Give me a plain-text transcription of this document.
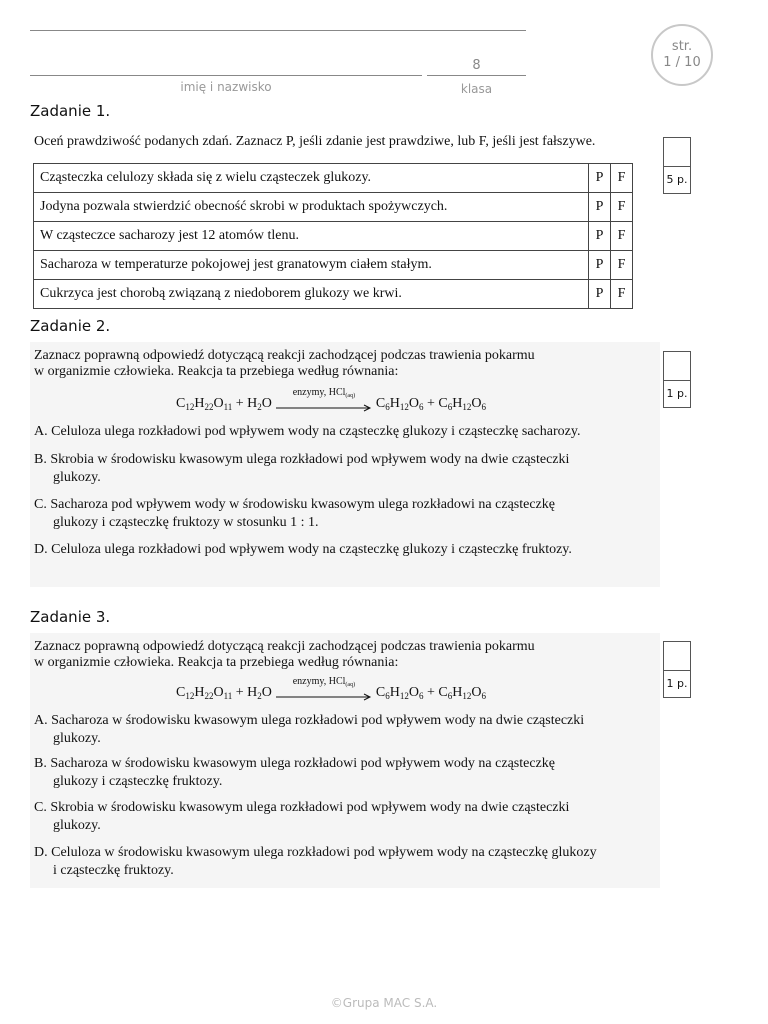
8
imię i nazwisko	klasa
str.
1 / 10
Zadanie 1.
Oceń prawdziwość podanych zdań. Zaznacz P, jeśli zdanie jest prawdziwe, lub F, jeśli jest fałszywe.
5 p.
Cząsteczka celulozy składa się z wielu cząsteczek glukozy.	P	F
Jodyna pozwala stwierdzić obecność skrobi w produktach spożywczych.	P	F
W cząsteczce sacharozy jest 12 atomów tlenu.	P	F
Sacharoza w temperaturze pokojowej jest granatowym ciałem stałym.	P	F
Cukrzyca jest chorobą związaną z niedoborem glukozy we krwi.	P	F
Zadanie 2.
Zaznacz poprawną odpowiedź dotyczącą reakcji zachodzącej podczas trawienia pokarmu
w organizmie człowieka. Reakcja ta przebiega według równania:
1 p.
$C_{12}H_{22}O_{11} + H_2O$
enzymy, HCl$_{(aq)}$
$C_6H_{12}O_6 + C_6H_{12}O_6$
A. Celuloza ulega rozkładowi pod wpływem wody na cząsteczkę glukozy i cząsteczkę sacharozy.
B. Skrobia w środowisku kwasowym ulega rozkładowi pod wpływem wody na dwie cząsteczki
glukozy.
C. Sacharoza pod wpływem wody w środowisku kwasowym ulega rozkładowi na cząsteczkę
glukozy i cząsteczkę fruktozy w stosunku 1 : 1.
D. Celuloza ulega rozkładowi pod wpływem wody na cząsteczkę glukozy i cząsteczkę fruktozy.
Zadanie 3.
Zaznacz poprawną odpowiedź dotyczącą reakcji zachodzącej podczas trawienia pokarmu
w organizmie człowieka. Reakcja ta przebiega według równania:
1 p.
$C_{12}H_{22}O_{11} + H_2O$
enzymy, HCl$_{(aq)}$
$C_6H_{12}O_6 + C_6H_{12}O_6$
A. Sacharoza w środowisku kwasowym ulega rozkładowi pod wpływem wody na dwie cząsteczki
glukozy.
B. Sacharoza w środowisku kwasowym ulega rozkładowi pod wpływem wody na cząsteczkę
glukozy i cząsteczkę fruktozy.
C. Skrobia w środowisku kwasowym ulega rozkładowi pod wpływem wody na dwie cząsteczki
glukozy.
D. Celuloza w środowisku kwasowym ulega rozkładowi pod wpływem wody na cząsteczkę glukozy
i cząsteczkę fruktozy.
©Grupa MAC S.A.
